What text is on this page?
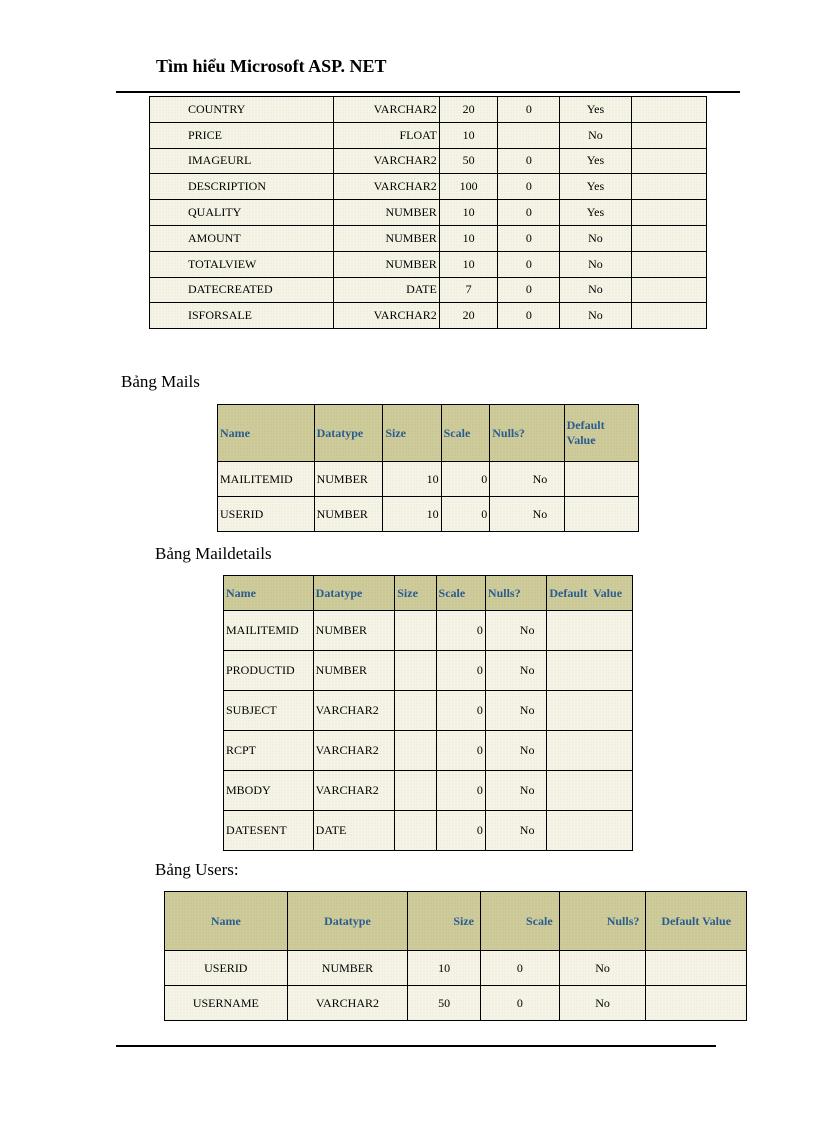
Tìm hiểu Microsoft ASP. NET
COUNTRY	VARCHAR2	20	0	Yes	
PRICE	FLOAT	10		No	
IMAGEURL	VARCHAR2	50	0	Yes	
DESCRIPTION	VARCHAR2	100	0	Yes	
QUALITY	NUMBER	10	0	Yes	
AMOUNT	NUMBER	10	0	No	
TOTALVIEW	NUMBER	10	0	No	
DATECREATED	DATE	7	0	No	
ISFORSALE	VARCHAR2	20	0	No	
Bảng Mails
Name	Datatype	Size	Scale	Nulls?	Default Value
MAILITEMID	NUMBER	10	0	No	
USERID	NUMBER	10	0	No	
Bảng Maildetails
Name	Datatype	Size	Scale	Nulls?	Default  Value
MAILITEMID	NUMBER		0	No	
PRODUCTID	NUMBER		0	No	
SUBJECT	VARCHAR2		0	No	
RCPT	VARCHAR2		0	No	
MBODY	VARCHAR2		0	No	
DATESENT	DATE		0	No	
Bảng Users:
Name	Datatype	Size	Scale	Nulls?	Default Value
USERID	NUMBER	10	0	No	
USERNAME	VARCHAR2	50	0	No	
